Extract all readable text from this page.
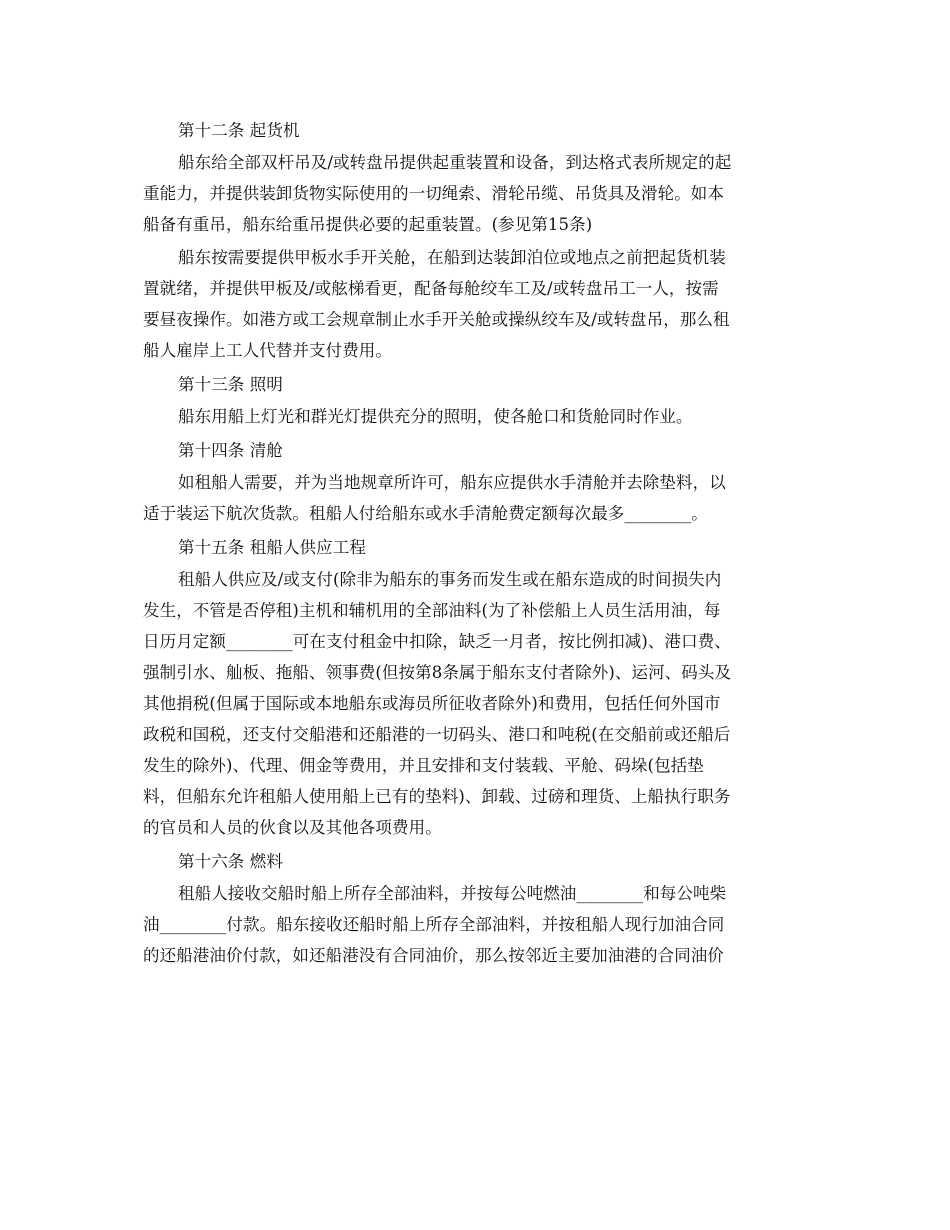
第十二条 起货机
船东给全部双杆吊及/或转盘吊提供起重装置和设备，到达格式表所规定的起
重能力，并提供装卸货物实际使用的一切绳索、滑轮吊缆、吊货具及滑轮。如本
船备有重吊，船东给重吊提供必要的起重装置。(参见第15条)
船东按需要提供甲板水手开关舱，在船到达装卸泊位或地点之前把起货机装
置就绪，并提供甲板及/或舷梯看更，配备每舱绞车工及/或转盘吊工一人，按需
要昼夜操作。如港方或工会规章制止水手开关舱或操纵绞车及/或转盘吊，那么租
船人雇岸上工人代替并支付费用。
第十三条 照明
船东用船上灯光和群光灯提供充分的照明，使各舱口和货舱同时作业。
第十四条 清舱
如租船人需要，并为当地规章所许可，船东应提供水手清舱并去除垫料，以
适于装运下航次货款。租船人付给船东或水手清舱费定额每次最多________。
第十五条 租船人供应工程
租船人供应及/或支付(除非为船东的事务而发生或在船东造成的时间损失内
发生，不管是否停租)主机和辅机用的全部油料(为了补偿船上人员生活用油，每
日历月定额________可在支付租金中扣除，缺乏一月者，按比例扣减)、港口费、
强制引水、舢板、拖船、领事费(但按第8条属于船东支付者除外)、运河、码头及
其他捐税(但属于国际或本地船东或海员所征收者除外)和费用，包括任何外国市
政税和国税，还支付交船港和还船港的一切码头、港口和吨税(在交船前或还船后
发生的除外)、代理、佣金等费用，并且安排和支付装载、平舱、码垛(包括垫
料，但船东允许租船人使用船上已有的垫料)、卸载、过磅和理货、上船执行职务
的官员和人员的伙食以及其他各项费用。
第十六条 燃料
租船人接收交船时船上所存全部油料，并按每公吨燃油________和每公吨柴
油________付款。船东接收还船时船上所存全部油料，并按租船人现行加油合同
的还船港油价付款，如还船港没有合同油价，那么按邻近主要加油港的合同油价
